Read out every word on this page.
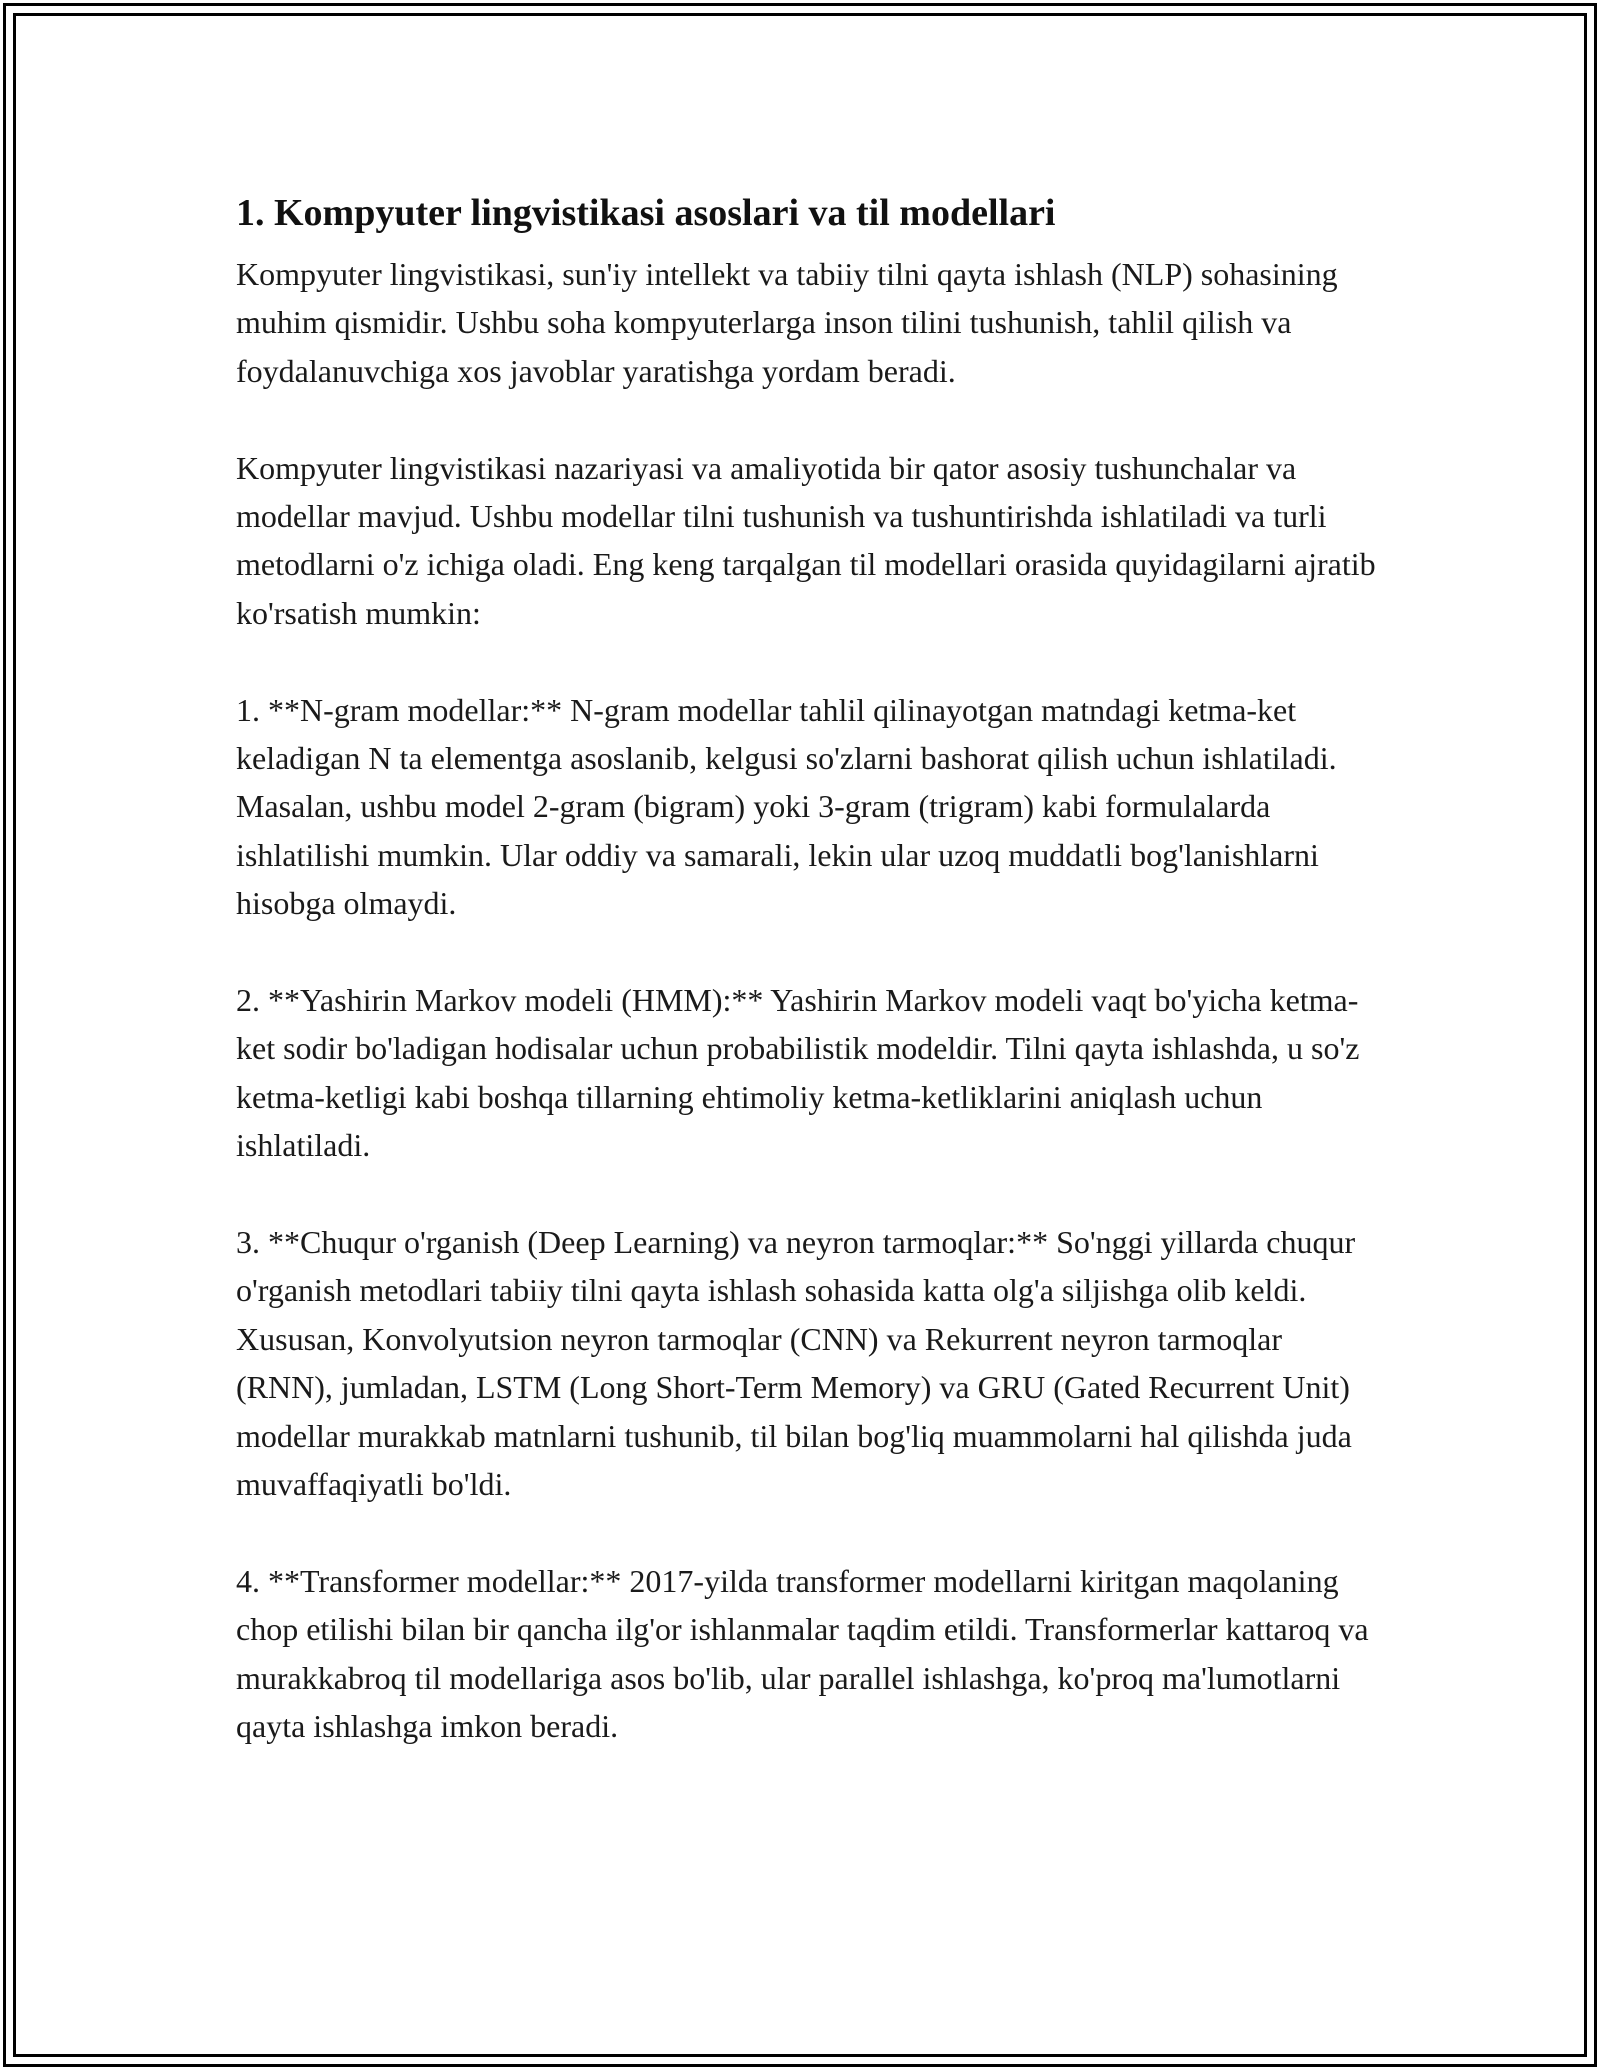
1. Kompyuter lingvistikasi asoslari va til modellari

Kompyuter lingvistikasi, sun'iy intellekt va tabiiy tilni qayta ishlash (NLP) sohasining muhim qismidir. Ushbu soha kompyuterlarga inson tilini tushunish, tahlil qilish va foydalanuvchiga xos javoblar yaratishga yordam beradi.

Kompyuter lingvistikasi nazariyasi va amaliyotida bir qator asosiy tushunchalar va modellar mavjud. Ushbu modellar tilni tushunish va tushuntirishda ishlatiladi va turli metodlarni o'z ichiga oladi. Eng keng tarqalgan til modellari orasida quyidagilarni ajratib ko'rsatish mumkin:

1. **N-gram modellar:** N-gram modellar tahlil qilinayotgan matndagi ketma-ket keladigan N ta elementga asoslanib, kelgusi so'zlarni bashorat qilish uchun ishlatiladi. Masalan, ushbu model 2-gram (bigram) yoki 3-gram (trigram) kabi formulalarda ishlatilishi mumkin. Ular oddiy va samarali, lekin ular uzoq muddatli bog'lanishlarni hisobga olmaydi.

2. **Yashirin Markov modeli (HMM):** Yashirin Markov modeli vaqt bo'yicha ketma-ket sodir bo'ladigan hodisalar uchun probabilistik modeldir. Tilni qayta ishlashda, u so'z ketma-ketligi kabi boshqa tillarning ehtimoliy ketma-ketliklarini aniqlash uchun ishlatiladi.

3. **Chuqur o'rganish (Deep Learning) va neyron tarmoqlar:** So'nggi yillarda chuqur o'rganish metodlari tabiiy tilni qayta ishlash sohasida katta olg'a siljishga olib keldi. Xususan, Konvolyutsion neyron tarmoqlar (CNN) va Rekurrent neyron tarmoqlar (RNN), jumladan, LSTM (Long Short-Term Memory) va GRU (Gated Recurrent Unit) modellar murakkab matnlarni tushunib, til bilan bog'liq muammolarni hal qilishda juda muvaffaqiyatli bo'ldi.

4. **Transformer modellar:** 2017-yilda transformer modellarni kiritgan maqolaning chop etilishi bilan bir qancha ilg'or ishlanmalar taqdim etildi. Transformerlar kattaroq va murakkabroq til modellariga asos bo'lib, ular parallel ishlashga, ko'proq ma'lumotlarni qayta ishlashga imkon beradi.
